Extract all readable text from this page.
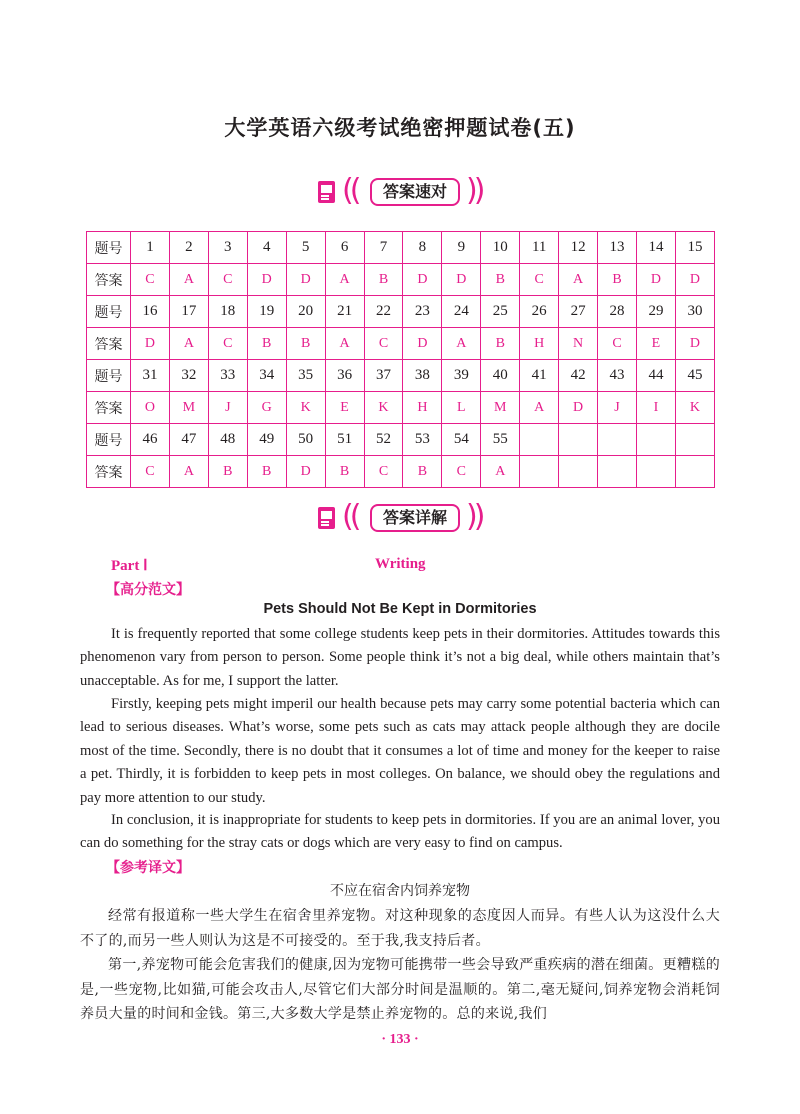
大学英语六级考试绝密押题试卷(五)
((	答案速对 ))
题号	1	2	3	4	5	6	7	8	9	10	11	12	13	14	15
答案	C	A	C	D	D	A	B	D	D	B	C	A	B	D	D
题号	16	17	18	19	20	21	22	23	24	25	26	27	28	29	30
答案	D	A	C	B	B	A	C	D	A	B	H	N	C	E	D
题号	31	32	33	34	35	36	37	38	39	40	41	42	43	44	45
答案	O	M	J	G	K	E	K	H	L	M	A	D	J	I	K
题号	46	47	48	49	50	51	52	53	54	55					
答案	C	A	B	B	D	B	C	B	C	A					
((	答案详解 ))
Part Ⅰ	Writing
【高分范文】
Pets Should Not Be Kept in Dormitories

It is frequently reported that some college students keep pets in their dormitories. Attitudes towards this phenomenon vary from person to person. Some people think it’s not a big deal, while others maintain that’s unacceptable. As for me, I support the latter.

Firstly, keeping pets might imperil our health because pets may carry some potential bacteria which can lead to serious diseases. What’s worse, some pets such as cats may attack people although they are docile most of the time. Secondly, there is no doubt that it consumes a lot of time and money for the keeper to raise a pet. Thirdly, it is forbidden to keep pets in most colleges. On balance, we should obey the regulations and pay more attention to our study.

In conclusion, it is inappropriate for students to keep pets in dormitories. If you are an animal lover, you can do something for the stray cats or dogs which are very easy to find on campus.

【参考译文】
不应在宿舍内饲养宠物

经常有报道称一些大学生在宿舍里养宠物。对这种现象的态度因人而异。有些人认为这没什么大不了的,而另一些人则认为这是不可接受的。至于我,我支持后者。

第一,养宠物可能会危害我们的健康,因为宠物可能携带一些会导致严重疾病的潜在细菌。更糟糕的是,一些宠物,比如猫,可能会攻击人,尽管它们大部分时间是温顺的。第二,毫无疑问,饲养宠物会消耗饲养员大量的时间和金钱。第三,大多数大学是禁止养宠物的。总的来说,我们

· 133 ·
